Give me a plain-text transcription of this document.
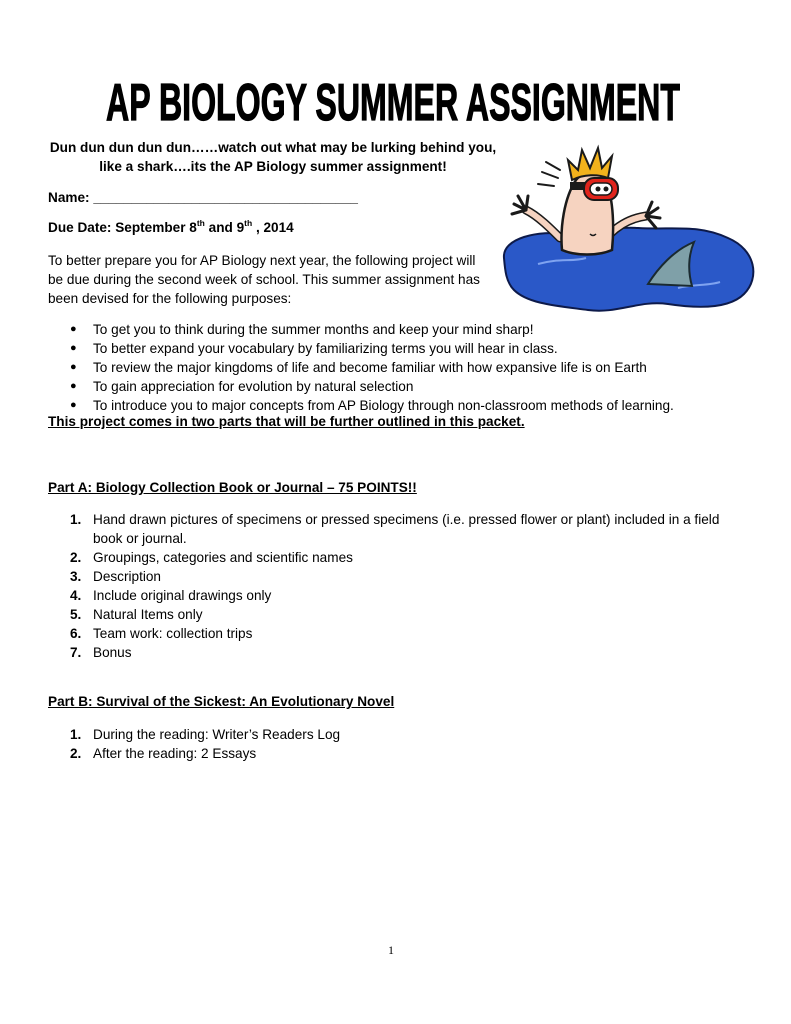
AP BIOLOGY SUMMER ASSIGNMENT
Dun dun dun dun dun……watch out what may be lurking behind you, like a shark….its the AP Biology summer assignment!
Name: ___________________________________
Due Date: September 8th and 9th , 2014
To better prepare you for AP Biology next year, the following project will be due during the second week of school. This summer assignment has been devised for the following purposes:
● To get you to think during the summer months and keep your mind sharp!
● To better expand your vocabulary by familiarizing terms you will hear in class.
● To review the major kingdoms of life and become familiar with how expansive life is on Earth
● To gain appreciation for evolution by natural selection
● To introduce you to major concepts from AP Biology through non-classroom methods of learning.
This project comes in two parts that will be further outlined in this packet.
Part A: Biology Collection Book or Journal – 75 POINTS!!
1. Hand drawn pictures of specimens or pressed specimens (i.e. pressed flower or plant) included in a field book or journal.
2. Groupings, categories and scientific names
3. Description
4. Include original drawings only
5. Natural Items only
6. Team work: collection trips
7. Bonus
Part B: Survival of the Sickest: An Evolutionary Novel
1. During the reading: Writer’s Readers Log
2. After the reading: 2 Essays
1
